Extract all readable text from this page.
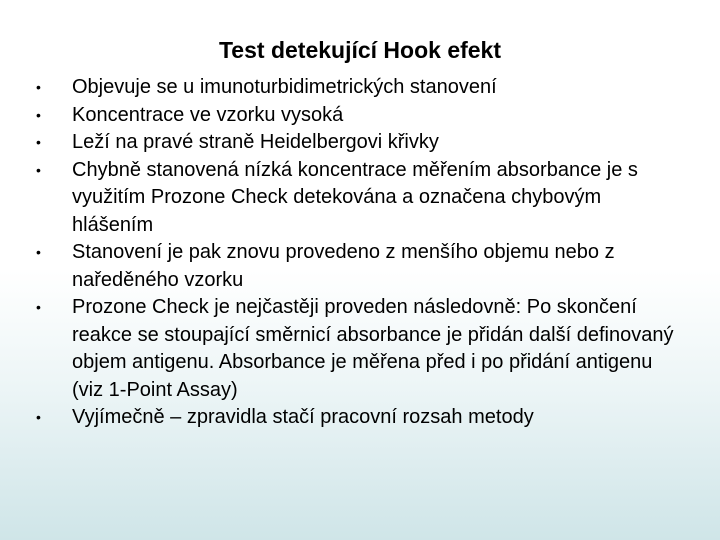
Test detekující Hook efekt
• Objevuje se u imunoturbidimetrických stanovení
• Koncentrace ve vzorku vysoká
• Leží na pravé straně Heidelbergovi křivky
• Chybně stanovená nízká koncentrace měřením absorbance je s využitím Prozone Check detekována a označena chybovým hlášením
• Stanovení je pak znovu provedeno z menšího objemu nebo z naředěného vzorku
• Prozone Check je nejčastěji proveden následovně: Po skončení reakce se stoupající směrnicí absorbance je přidán další definovaný objem antigenu. Absorbance je měřena před i po přidání antigenu (viz 1-Point Assay)
• Vyjímečně – zpravidla stačí pracovní rozsah metody
